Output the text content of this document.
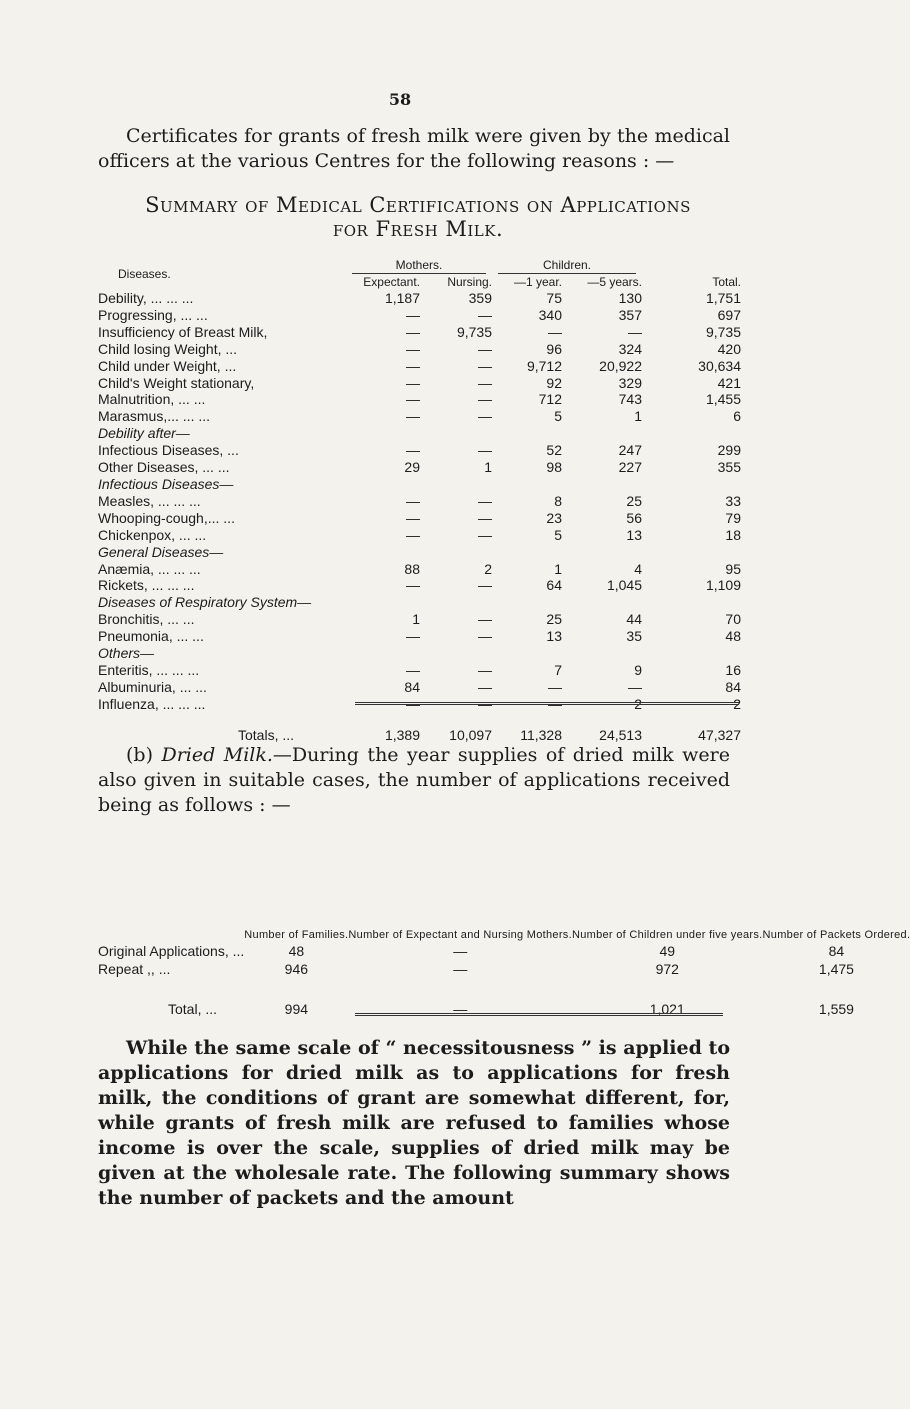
58
Certificates for grants of fresh milk were given by the medical officers at the various Centres for the following reasons : —
Summary of Medical Certifications on Applications
for Fresh Milk.
Diseases.	Mothers.		Children.	

	Expectant.	Nursing.	—1 year.	—5 years.	Total.
Debility, ... ... ...	1,187	359	75	130	1,751
Progressing, ... ...	—	—	340	357	697
Insufficiency of Breast Milk,	—	9,735	—	—	9,735
Child losing Weight, ...	—	—	96	324	420
Child under Weight, ...	—	—	9,712	20,922	30,634
Child's Weight stationary,	—	—	92	329	421
Malnutrition, ... ...	—	—	712	743	1,455
Marasmus,... ... ...	—	—	5	1	6
Debility after—					
Infectious Diseases, ...	—	—	52	247	299
Other Diseases, ... ...	29	1	98	227	355
Infectious Diseases—					
Measles, ... ... ...	—	—	8	25	33
Whooping-cough,... ...	—	—	23	56	79
Chickenpox, ... ...	—	—	5	13	18
General Diseases—					
Anæmia, ... ... ...	88	2	1	4	95
Rickets, ... ... ...	—	—	64	1,045	1,109
Diseases of Respiratory System—					
Bronchitis, ... ...	1	—	25	44	70
Pneumonia, ... ...	—	—	13	35	48
Others—					
Enteritis, ... ... ...	—	—	7	9	16
Albuminuria, ... ...	84	—	—	—	84
Influenza, ... ... ...	—	—	—	2	2
Totals, ...	1,389	10,097	11,328	24,513	47,327
(b) Dried Milk.—During the year supplies of dried milk were also given in suitable cases, the number of applications received being as follows : —
	Number of Families.	Number of Expectant and Nursing Mothers.	Number of Children under five years.	Number of Packets Ordered.
Original Applications, ...	48	—	49	84
Repeat ,, ...	946	—	972	1,475
Total, ...	994	—	1,021	1,559
While the same scale of “ necessitousness ” is applied to applications for dried milk as to applications for fresh milk, the conditions of grant are somewhat different, for, while grants of fresh milk are refused to families whose income is over the scale, supplies of dried milk may be given at the wholesale rate. The following summary shows the number of packets and the amount
